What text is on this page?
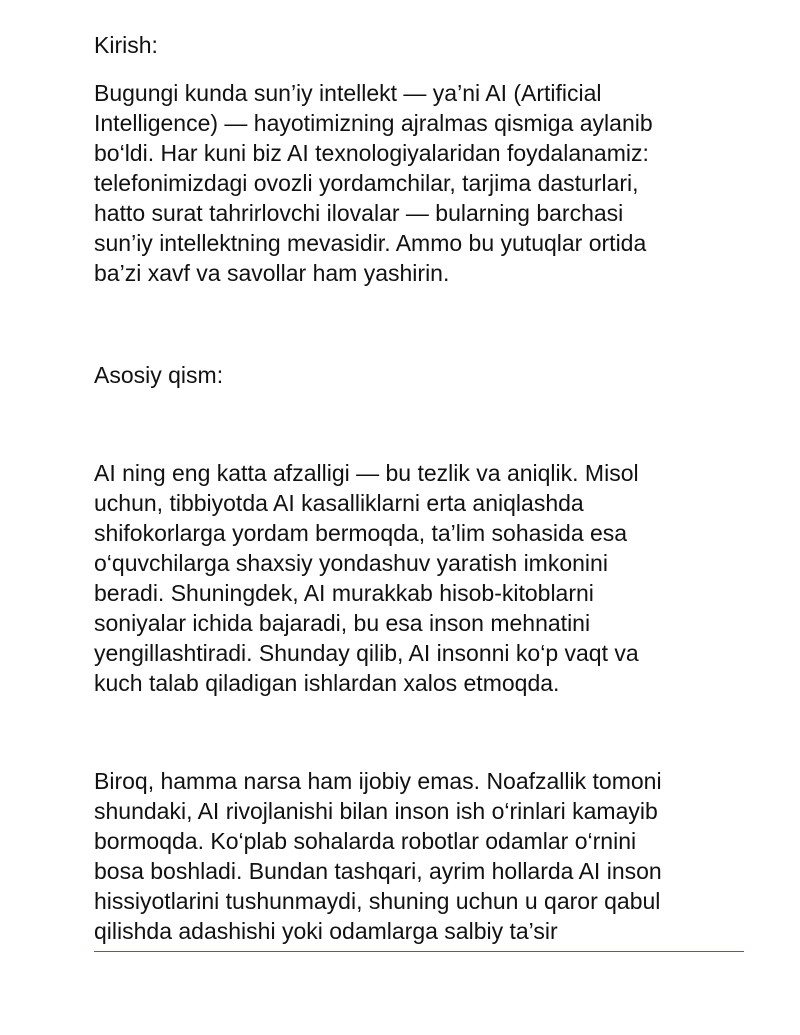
Kirish:
Bugungi kunda sun’iy intellekt — ya’ni AI (Artificial
Intelligence) — hayotimizning ajralmas qismiga aylanib
bo‘ldi. Har kuni biz AI texnologiyalaridan foydalanamiz:
telefonimizdagi ovozli yordamchilar, tarjima dasturlari,
hatto surat tahrirlovchi ilovalar — bularning barchasi
sun’iy intellektning mevasidir. Ammo bu yutuqlar ortida
ba’zi xavf va savollar ham yashirin.
Asosiy qism:
AI ning eng katta afzalligi — bu tezlik va aniqlik. Misol
uchun, tibbiyotda AI kasalliklarni erta aniqlashda
shifokorlarga yordam bermoqda, ta’lim sohasida esa
o‘quvchilarga shaxsiy yondashuv yaratish imkonini
beradi. Shuningdek, AI murakkab hisob-kitoblarni
soniyalar ichida bajaradi, bu esa inson mehnatini
yengillashtiradi. Shunday qilib, AI insonni ko‘p vaqt va
kuch talab qiladigan ishlardan xalos etmoqda.
Biroq, hamma narsa ham ijobiy emas. Noafzallik tomoni
shundaki, AI rivojlanishi bilan inson ish o‘rinlari kamayib
bormoqda. Ko‘plab sohalarda robotlar odamlar o‘rnini
bosa boshladi. Bundan tashqari, ayrim hollarda AI inson
hissiyotlarini tushunmaydi, shuning uchun u qaror qabul
qilishda adashishi yoki odamlarga salbiy ta’sir
